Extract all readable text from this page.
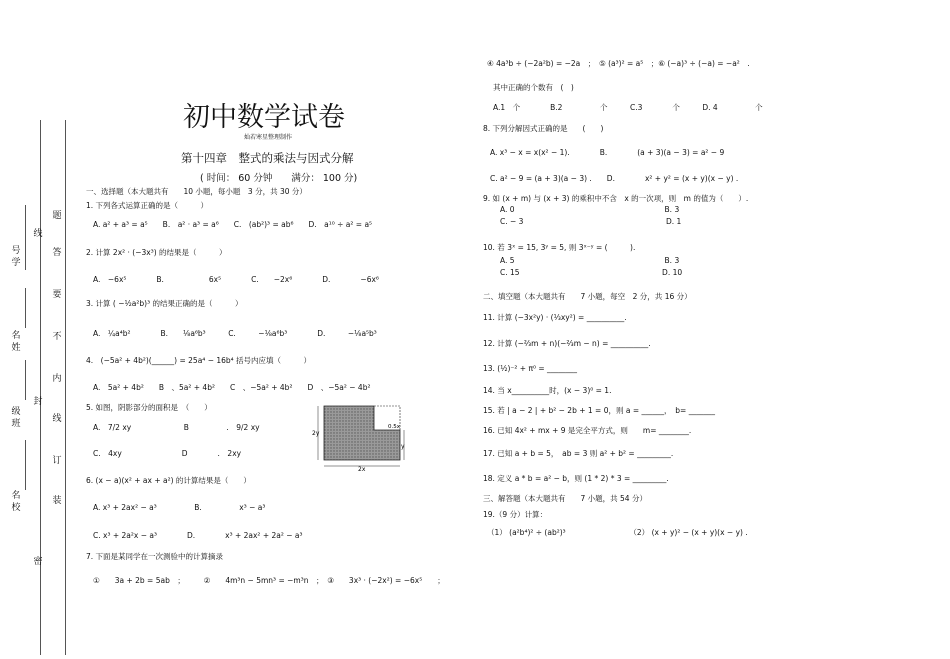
号学
名姓
级班
名校
线
封
密
题
答
要
不
内
线
订
装
初中数学试卷
灿若寒星整理制作
第十四章　整式的乘法与因式分解
( 时间： 60 分钟　　满分： 100 分)
一、选择题（本大题共有　　10 小题，每小题　3 分，共 30 分）
1. 下列各式运算正确的是（　　　）
A. a² + a³ = a⁵　　B.　a² · a³ = a⁶　　C.　(ab²)³ = ab⁶　　D.　a¹⁰ ÷ a² = a⁵
2. 计算 2x² · (−3x³) 的结果是（　　　）
A.　−6x⁵　　　　B.　　　　　　6x⁵　　　　C.　　−2x⁶　　　　D.　　　　−6x⁶
3. 计算 ( −½a²b)³ 的结果正确的是（　　　）
A.　¼a⁴b²　　　　B.　　⅛a⁶b³　　　C.　　　−⅛a⁶b³　　　　D.　　　−⅛a⁵b³
4.　(−5a² + 4b²)(______) = 25a⁴ − 16b⁴ 括号内应填（　　　）
A.　5a² + 4b²　　B　、5a² + 4b²　　C　、−5a² + 4b²　　D　、−5a² − 4b²
5. 如图，阴影部分的面积是　（　　）
A.　7/2 xy　　　　　　　B　　　　　.　9/2 xy
C.　4xy　　　　　　　　D　　　　.　2xy
6. (x − a)(x² + ax + a²) 的计算结果是（　　）
A. x³ + 2ax² − a³　　　　　B.　　　　　x³ − a³
C. x³ + 2a²x − a³　　　　D.　　　　x³ + 2ax² + 2a² − a³
7. 下面是某同学在一次测验中的计算摘录
①　　3a + 2b = 5ab　；　　　②　　4m³n − 5mn³ = −m³n　；　③　　3x³ · (−2x²) = −6x⁵　　；
2y
y
0.5x
2x
④ 4a³b ÷ (−2a²b) = −2a　；　⑤ (a³)² = a⁵　；⑥ (−a)³ ÷ (−a) = −a²　.
其中正确的个数有　(　)
A.1　个　　　　B.2　　　　　个　　　C.3　　　　个　　　D. 4　　　　　个
8. 下列分解因式正确的是　　(　　)
A. x³ − x = x(x² − 1).　　　　B.　　　　(a + 3)(a − 3) = a² − 9
C. a² − 9 = (a + 3)(a − 3) .　　D.　　　　x² + y² = (x + y)(x − y) .
9. 如 (x + m) 与 (x + 3) 的乘积中不含　x 的一次项，则　m 的值为（　　）.
A. 0　　　　　　　　　　　　　　　　　　　　B. 3
C. − 3　　　　　　　　　　　　　　　　　　　D. 1
10. 若 3ˣ = 15, 3ʸ = 5, 则 3ˣ⁻ʸ = (　　　).
A. 5　　　　　　　　　　　　　　　　　　　　B. 3
C. 15　　　　　　　　　　　　　　　　　　　D. 10
二、填空题（本大题共有　　7 小题，每空　2 分，共 16 分）
11. 计算 (−3x²y) · (⅓xy²) = __________.
12. 计算 (−⅔m + n)(−⅔m − n) = __________.
13. (½)⁻² + π⁰ = ________
14. 当 x__________时，(x − 3)⁰ = 1.
15. 若 | a − 2 | + b² − 2b + 1 = 0，则 a = ______，　b= _______
16. 已知 4x² + mx + 9 是完全平方式，则　　m= ________.
17. 已知 a + b = 5，　ab = 3 则 a² + b² = _________.
18. 定义 a * b = a² − b，则 (1 * 2) * 3 = _________.
三、解答题（本大题共有　　7 小题，共 54 分）
19.（9 分）计算：
（1） (a²b⁴)² ÷ (ab²)³　　　　　　　　　（2） (x + y)² − (x + y)(x − y) .
